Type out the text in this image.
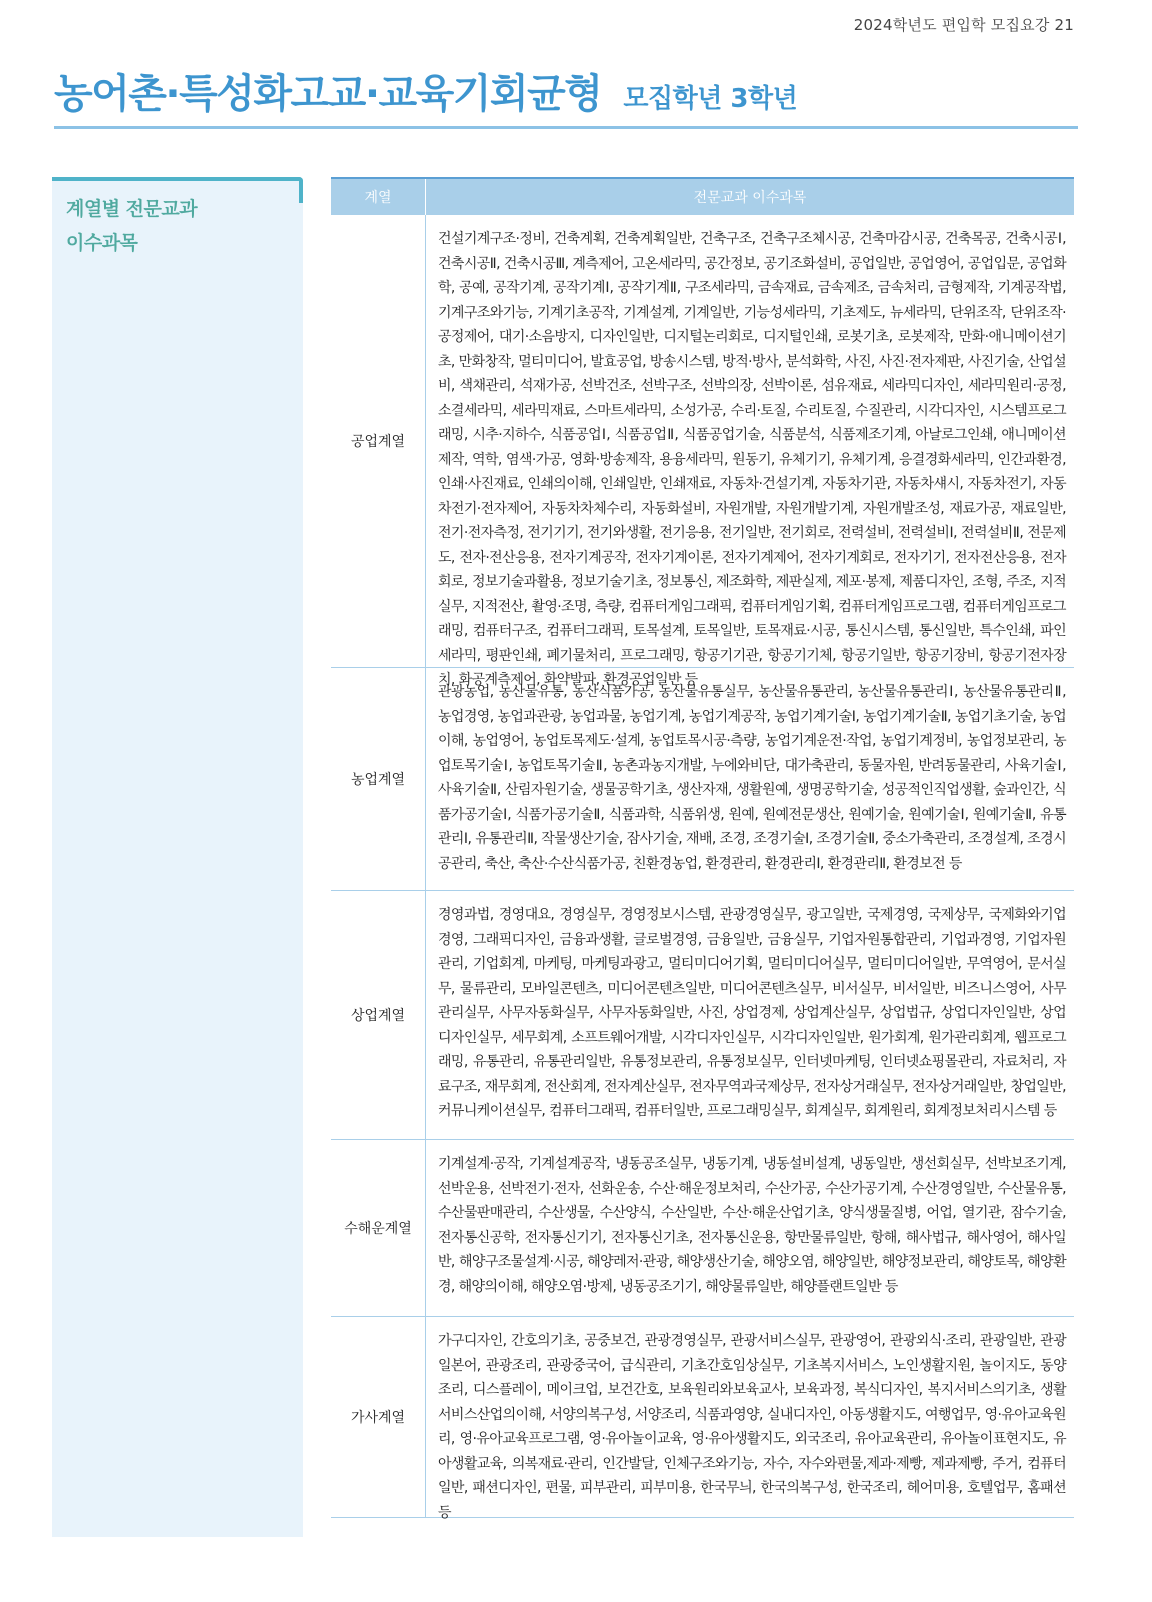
2024학년도 편입학 모집요강 21
농어촌·특성화고교·교육기회균형 모집학년 3학년
계열별 전문교과
이수과목
계열	전문교과 이수과목
공업계열
건설기계구조·정비, 건축계획, 건축계획일반, 건축구조, 건축구조체시공, 건축마감시공, 건축목공, 건축시공Ⅰ, 건축시공Ⅱ, 건축시공Ⅲ, 계측제어, 고온세라믹, 공간정보, 공기조화설비, 공업일반, 공업영어, 공업입문, 공업화학, 공예, 공작기계, 공작기계Ⅰ, 공작기계Ⅱ, 구조세라믹, 금속재료, 금속제조, 금속처리, 금형제작, 기계공작법, 기계구조와기능, 기계기초공작, 기계설계, 기계일반, 기능성세라믹, 기초제도, 뉴세라믹, 단위조작, 단위조작·공정제어, 대기·소음방지, 디자인일반, 디지털논리회로, 디지털인쇄, 로봇기초, 로봇제작, 만화·애니메이션기초, 만화창작, 멀티미디어, 발효공업, 방송시스템, 방적·방사, 분석화학, 사진, 사진·전자제판, 사진기술, 산업설비, 색채관리, 석재가공, 선박건조, 선박구조, 선박의장, 선박이론, 섬유재료, 세라믹디자인, 세라믹원리·공정, 소결세라믹, 세라믹재료, 스마트세라믹, 소성가공, 수리·토질, 수리토질, 수질관리, 시각디자인, 시스템프로그래밍, 시추·지하수, 식품공업Ⅰ, 식품공업Ⅱ, 식품공업기술, 식품분석, 식품제조기계, 아날로그인쇄, 애니메이션제작, 역학, 염색·가공, 영화·방송제작, 용융세라믹, 원동기, 유체기기, 유체기계, 응결경화세라믹, 인간과환경, 인쇄·사진재료, 인쇄의이해, 인쇄일반, 인쇄재료, 자동차·건설기계, 자동차기관, 자동차섀시, 자동차전기, 자동차전기·전자제어, 자동차차체수리, 자동화설비, 자원개발, 자원개발기계, 자원개발조성, 재료가공, 재료일반, 전기·전자측정, 전기기기, 전기와생활, 전기응용, 전기일반, 전기회로, 전력설비, 전력설비Ⅰ, 전력설비Ⅱ, 전문제도, 전자·전산응용, 전자기계공작, 전자기계이론, 전자기계제어, 전자기계회로, 전자기기, 전자전산응용, 전자회로, 정보기술과활용, 정보기술기초, 정보통신, 제조화학, 제판실제, 제포·봉제, 제품디자인, 조형, 주조, 지적실무, 지적전산, 촬영·조명, 측량, 컴퓨터게임그래픽, 컴퓨터게임기획, 컴퓨터게임프로그램, 컴퓨터게임프로그래밍, 컴퓨터구조, 컴퓨터그래픽, 토목설계, 토목일반, 토목재료·시공, 통신시스템, 통신일반, 특수인쇄, 파인세라믹, 평판인쇄, 폐기물처리, 프로그래밍, 항공기기관, 항공기기체, 항공기일반, 항공기장비, 항공기전자장치, 화공계측제어, 화약발파, 환경공업일반 등
농업계열
관광농업, 농산물유통, 농산식품가공, 농산물유통실무, 농산물유통관리, 농산물유통관리Ⅰ, 농산물유통관리Ⅱ, 농업경영, 농업과관광, 농업과물, 농업기계, 농업기계공작, 농업기계기술Ⅰ, 농업기계기술Ⅱ, 농업기초기술, 농업이해, 농업영어, 농업토목제도·설계, 농업토목시공·측량, 농업기계운전·작업, 농업기계정비, 농업정보관리, 농업토목기술Ⅰ, 농업토목기술Ⅱ, 농촌과농지개발, 누에와비단, 대가축관리, 동물자원, 반려동물관리, 사육기술Ⅰ, 사육기술Ⅱ, 산림자원기술, 생물공학기초, 생산자재, 생활원예, 생명공학기술, 성공적인직업생활, 숲과인간, 식품가공기술Ⅰ, 식품가공기술Ⅱ, 식품과학, 식품위생, 원예, 원예전문생산, 원예기술, 원예기술Ⅰ, 원예기술Ⅱ, 유통관리Ⅰ, 유통관리Ⅱ, 작물생산기술, 잠사기술, 재배, 조경, 조경기술Ⅰ, 조경기술Ⅱ, 중소가축관리, 조경설계, 조경시공관리, 축산, 축산·수산식품가공, 친환경농업, 환경관리, 환경관리Ⅰ, 환경관리Ⅱ, 환경보전 등
상업계열
경영과법, 경영대요, 경영실무, 경영정보시스템, 관광경영실무, 광고일반, 국제경영, 국제상무, 국제화와기업경영, 그래픽디자인, 금융과생활, 글로벌경영, 금융일반, 금융실무, 기업자원통합관리, 기업과경영, 기업자원관리, 기업회계, 마케팅, 마케팅과광고, 멀티미디어기획, 멀티미디어실무, 멀티미디어일반, 무역영어, 문서실무, 물류관리, 모바일콘텐츠, 미디어콘텐츠일반, 미디어콘텐츠실무, 비서실무, 비서일반, 비즈니스영어, 사무관리실무, 사무자동화실무, 사무자동화일반, 사진, 상업경제, 상업계산실무, 상업법규, 상업디자인일반, 상업디자인실무, 세무회계, 소프트웨어개발, 시각디자인실무, 시각디자인일반, 원가회계, 원가관리회계, 웹프로그래밍, 유통관리, 유통관리일반, 유통정보관리, 유통정보실무, 인터넷마케팅, 인터넷쇼핑몰관리, 자료처리, 자료구조, 재무회계, 전산회계, 전자계산실무, 전자무역과국제상무, 전자상거래실무, 전자상거래일반, 창업일반, 커뮤니케이션실무, 컴퓨터그래픽, 컴퓨터일반, 프로그래밍실무, 회계실무, 회계원리, 회계정보처리시스템 등
수해운계열
기계설계·공작, 기계설계공작, 냉동공조실무, 냉동기계, 냉동설비설계, 냉동일반, 생선회실무, 선박보조기계, 선박운용, 선박전기·전자, 선화운송, 수산·해운정보처리, 수산가공, 수산가공기계, 수산경영일반, 수산물유통, 수산물판매관리, 수산생물, 수산양식, 수산일반, 수산·해운산업기초, 양식생물질병, 어업, 열기관, 잠수기술, 전자통신공학, 전자통신기기, 전자통신기초, 전자통신운용, 항만물류일반, 항해, 해사법규, 해사영어, 해사일반, 해양구조물설계·시공, 해양레저·관광, 해양생산기술, 해양오염, 해양일반, 해양정보관리, 해양토목, 해양환경, 해양의이해, 해양오염·방제, 냉동공조기기, 해양물류일반, 해양플랜트일반 등
가사계열
가구디자인, 간호의기초, 공중보건, 관광경영실무, 관광서비스실무, 관광영어, 관광외식·조리, 관광일반, 관광일본어, 관광조리, 관광중국어, 급식관리, 기초간호임상실무, 기초복지서비스, 노인생활지원, 놀이지도, 동양조리, 디스플레이, 메이크업, 보건간호, 보육원리와보육교사, 보육과정, 복식디자인, 복지서비스의기초, 생활서비스산업의이해, 서양의복구성, 서양조리, 식품과영양, 실내디자인, 아동생활지도, 여행업무, 영·유아교육원리, 영·유아교육프로그램, 영·유아놀이교육, 영·유아생활지도, 외국조리, 유아교육관리, 유아놀이표현지도, 유아생활교육, 의복재료·관리, 인간발달, 인체구조와기능, 자수, 자수와편물,제과·제빵, 제과제빵, 주거, 컴퓨터일반, 패션디자인, 편물, 피부관리, 피부미용, 한국무늬, 한국의복구성, 한국조리, 헤어미용, 호텔업무, 홈패션 등
